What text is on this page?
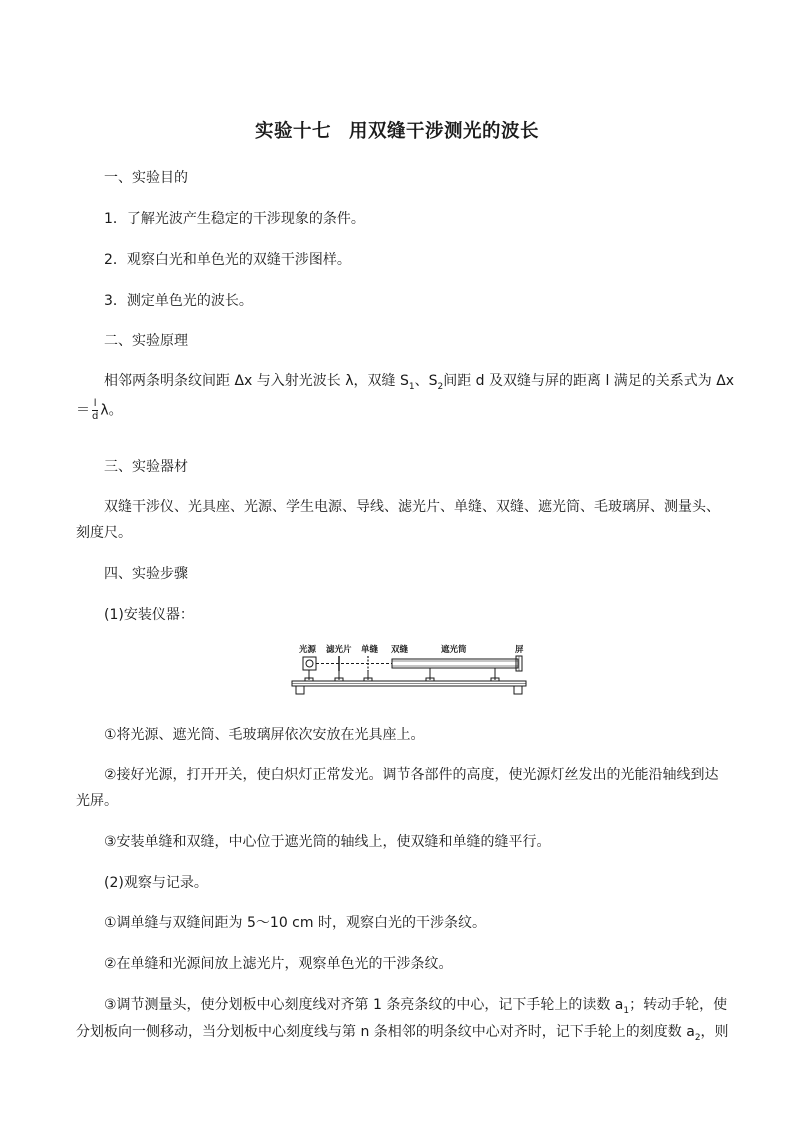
实验十七 用双缝干涉测光的波长
一、实验目的
1．了解光波产生稳定的干涉现象的条件。
2．观察白光和单色光的双缝干涉图样。
3．测定单色光的波长。
二、实验原理
相邻两条明条纹间距 Δx 与入射光波长 λ，双缝 $S_1$、$S_2$间距 d 及双缝与屏的距离 l 满足的关系式为 Δx
＝ $\frac{l}{d}$ λ。
三、实验器材
双缝干涉仪、光具座、光源、学生电源、导线、滤光片、单缝、双缝、遮光筒、毛玻璃屏、测量头、
刻度尺。
四、实验步骤
(1)安装仪器：
光源 滤光片 单缝 双缝	遮光筒	屏
①将光源、遮光筒、毛玻璃屏依次安放在光具座上。
②接好光源，打开开关，使白炽灯正常发光。调节各部件的高度，使光源灯丝发出的光能沿轴线到达
光屏。
③安装单缝和双缝，中心位于遮光筒的轴线上，使双缝和单缝的缝平行。
(2)观察与记录。
①调单缝与双缝间距为 5～10 cm 时，观察白光的干涉条纹。
②在单缝和光源间放上滤光片，观察单色光的干涉条纹。
③调节测量头，使分划板中心刻度线对齐第 1 条亮条纹的中心，记下手轮上的读数 $a_1$；转动手轮，使
分划板向一侧移动，当分划板中心刻度线与第 n 条相邻的明条纹中心对齐时，记下手轮上的刻度数 $a_2$，则
